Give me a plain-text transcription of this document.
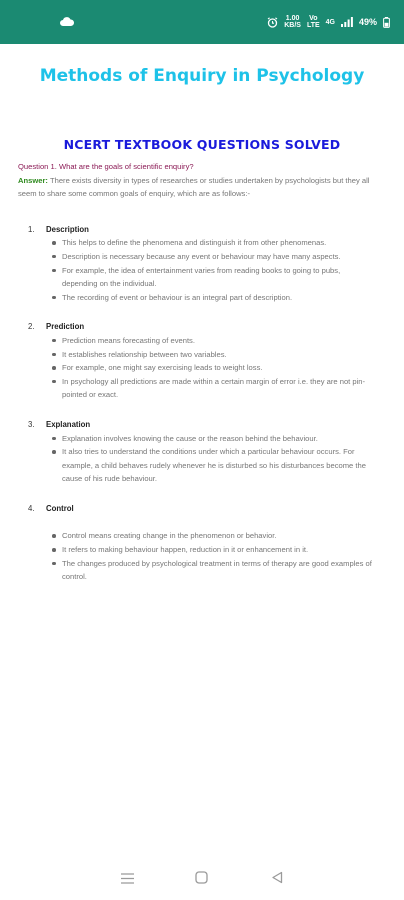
1.00
KB/S
Vo
LTE 4G	49%
Methods of Enquiry in Psychology
NCERT TEXTBOOK QUESTIONS SOLVED
Question 1. What are the goals of scientific enquiry?
Answer: There exists diversity in types of researches or studies undertaken by psychologists but they all seem to share some common goals of enquiry, which are as follows:-
1.	Description
This helps to define the phenomena and distinguish it from other phenomenas.
Description is necessary because any event or behaviour may have many aspects.
For example, the idea of entertainment varies from reading books to going to pubs, depending on the individual.
The recording of event or behaviour is an integral part of description.
2.	Prediction
Prediction means forecasting of events.
It establishes relationship between two variables.
For example, one might say exercising leads to weight loss.
In psychology all predictions are made within a certain margin of error i.e. they are not pin-pointed or exact.
3.	Explanation
Explanation involves knowing the cause or the reason behind the behaviour.
It also tries to understand the conditions under which a particular behaviour occurs. For example, a child behaves rudely whenever he is disturbed so his disturbances become the cause of his rude behaviour.
4.	Control
Control means creating change in the phenomenon or behavior.
It refers to making behaviour happen, reduction in it or enhancement in it.
The changes produced by psychological treatment in terms of therapy are good examples of control.
